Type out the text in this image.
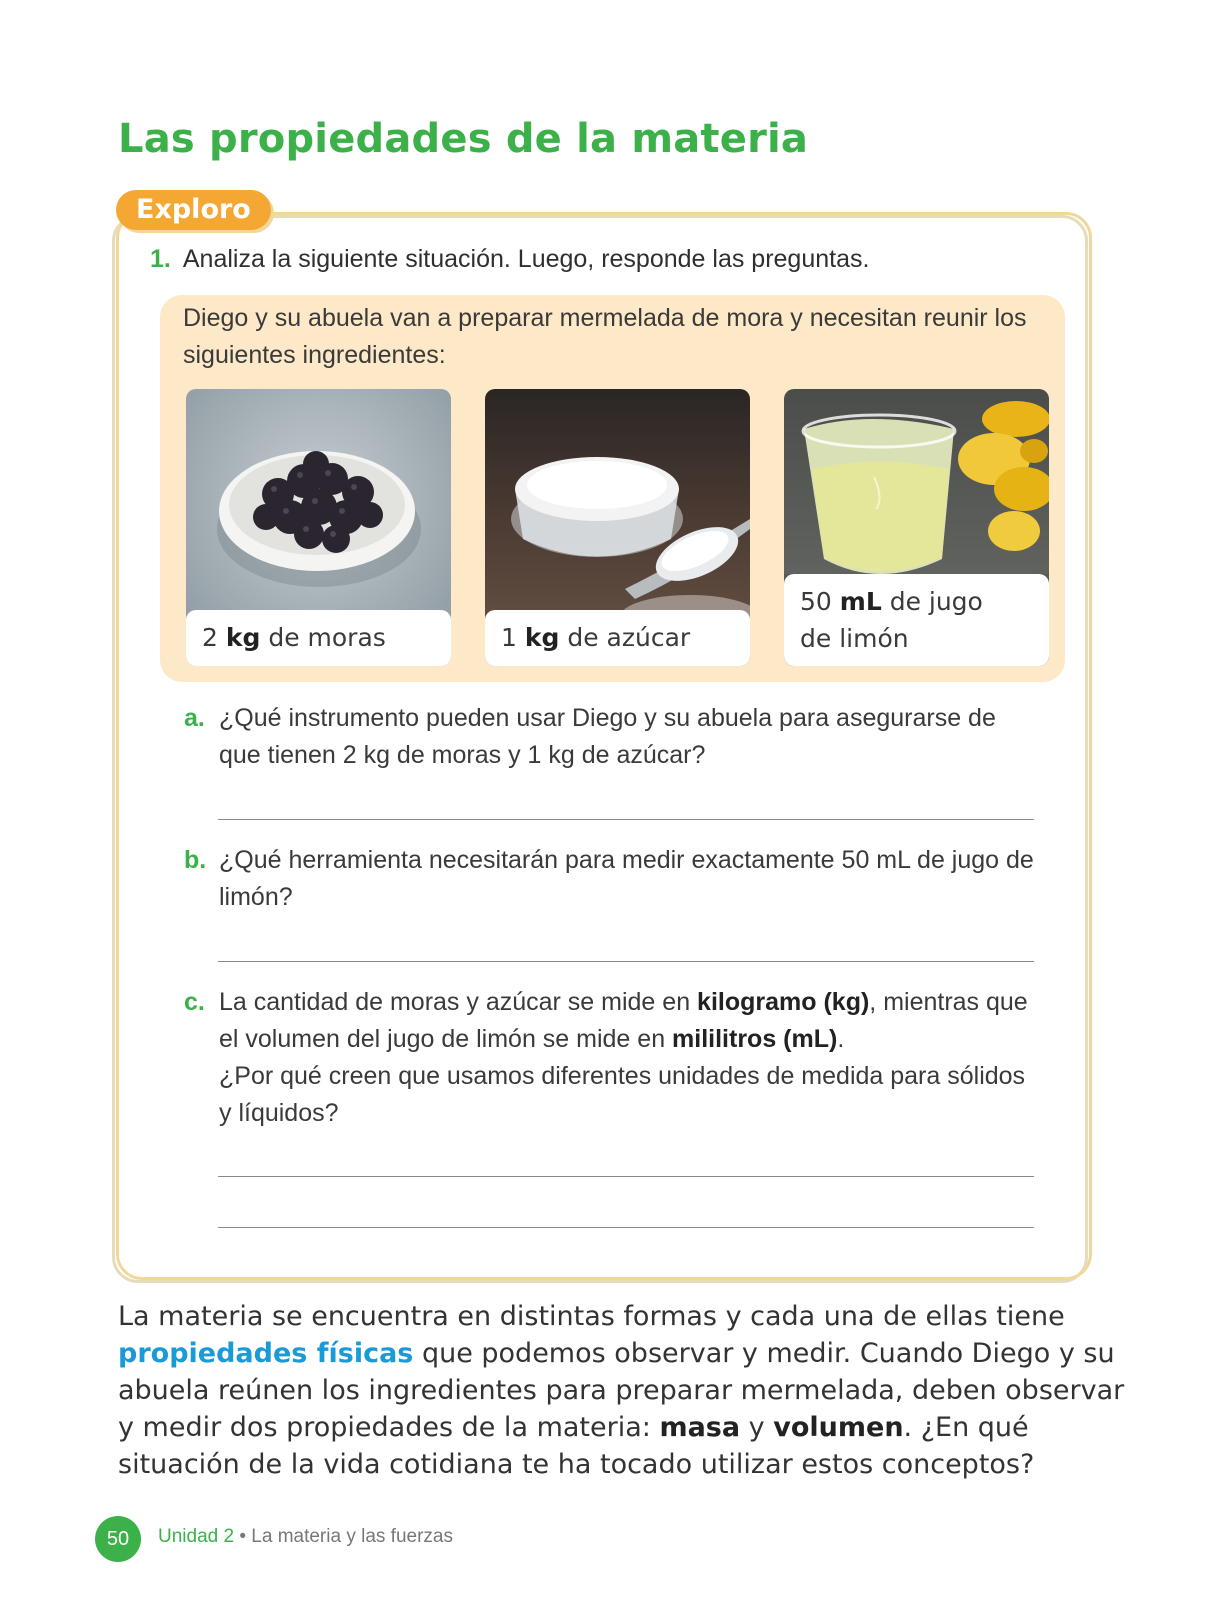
Las propiedades de la materia
Exploro
1. Analiza la siguiente situación. Luego, responde las preguntas.
Diego y su abuela van a preparar mermelada de mora y necesitan reunir los siguientes ingredientes:
2 kg de moras	1 kg de azúcar
50 mL de jugo
de limón
a. ¿Qué instrumento pueden usar Diego y su abuela para asegurarse de que tienen 2 kg de moras y 1 kg de azúcar?
b. ¿Qué herramienta necesitarán para medir exactamente 50 mL de jugo de limón?
c. La cantidad de moras y azúcar se mide en kilogramo (kg), mientras que el volumen del jugo de limón se mide en mililitros (mL).
¿Por qué creen que usamos diferentes unidades de medida para sólidos y líquidos?
La materia se encuentra en distintas formas y cada una de ellas tiene propiedades físicas que podemos observar y medir. Cuando Diego y su abuela reúnen los ingredientes para preparar mermelada, deben observar y medir dos propiedades de la materia: masa y volumen. ¿En qué situación de la vida cotidiana te ha tocado utilizar estos conceptos?
50	Unidad 2 • La materia y las fuerzas
